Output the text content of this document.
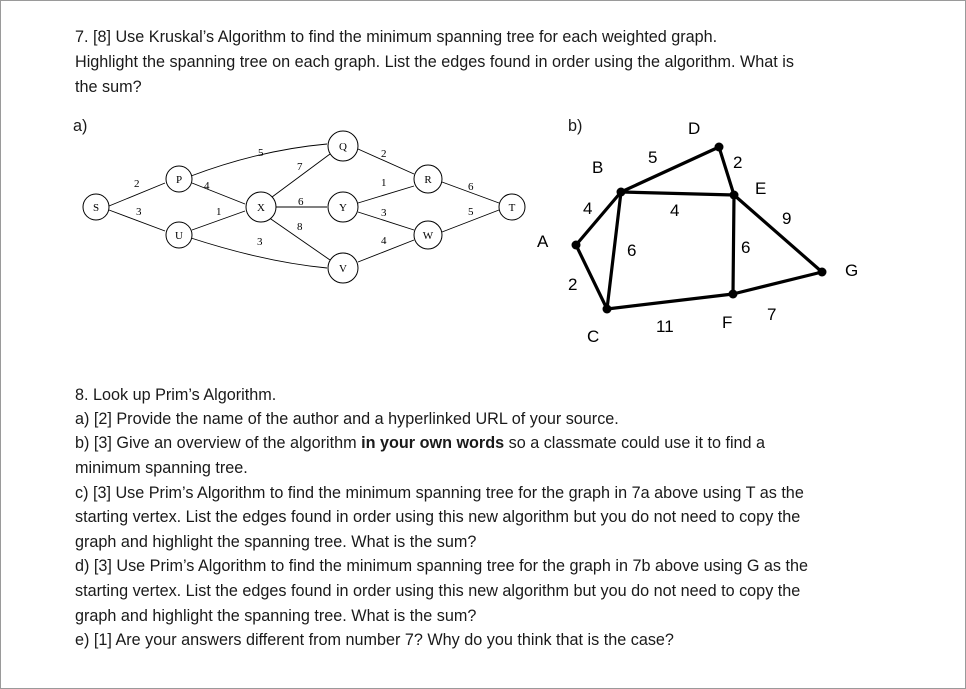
7. [8] Use Kruskal’s Algorithm to find the minimum spanning tree for each weighted graph.
Highlight the spanning tree on each graph. List the edges found in order using the algorithm. What is
the sum?
a)	b)
2
3
4
1
5
7
6
8
3
2
1
3
4
6
5
S
P
U
X
Q
Y
V
R
W
T
A
B
C
D
E
F
G
5	2
4	4	9
6	6
2
11
7
8. Look up Prim’s Algorithm.
a) [2] Provide the name of the author and a hyperlinked URL of your source.
b) [3] Give an overview of the algorithm in your own words so a classmate could use it to find a
minimum spanning tree.
c) [3] Use Prim’s Algorithm to find the minimum spanning tree for the graph in 7a above using T as the
starting vertex. List the edges found in order using this new algorithm but you do not need to copy the
graph and highlight the spanning tree. What is the sum?
d) [3] Use Prim’s Algorithm to find the minimum spanning tree for the graph in 7b above using G as the
starting vertex. List the edges found in order using this new algorithm but you do not need to copy the
graph and highlight the spanning tree. What is the sum?
e) [1] Are your answers different from number 7? Why do you think that is the case?
